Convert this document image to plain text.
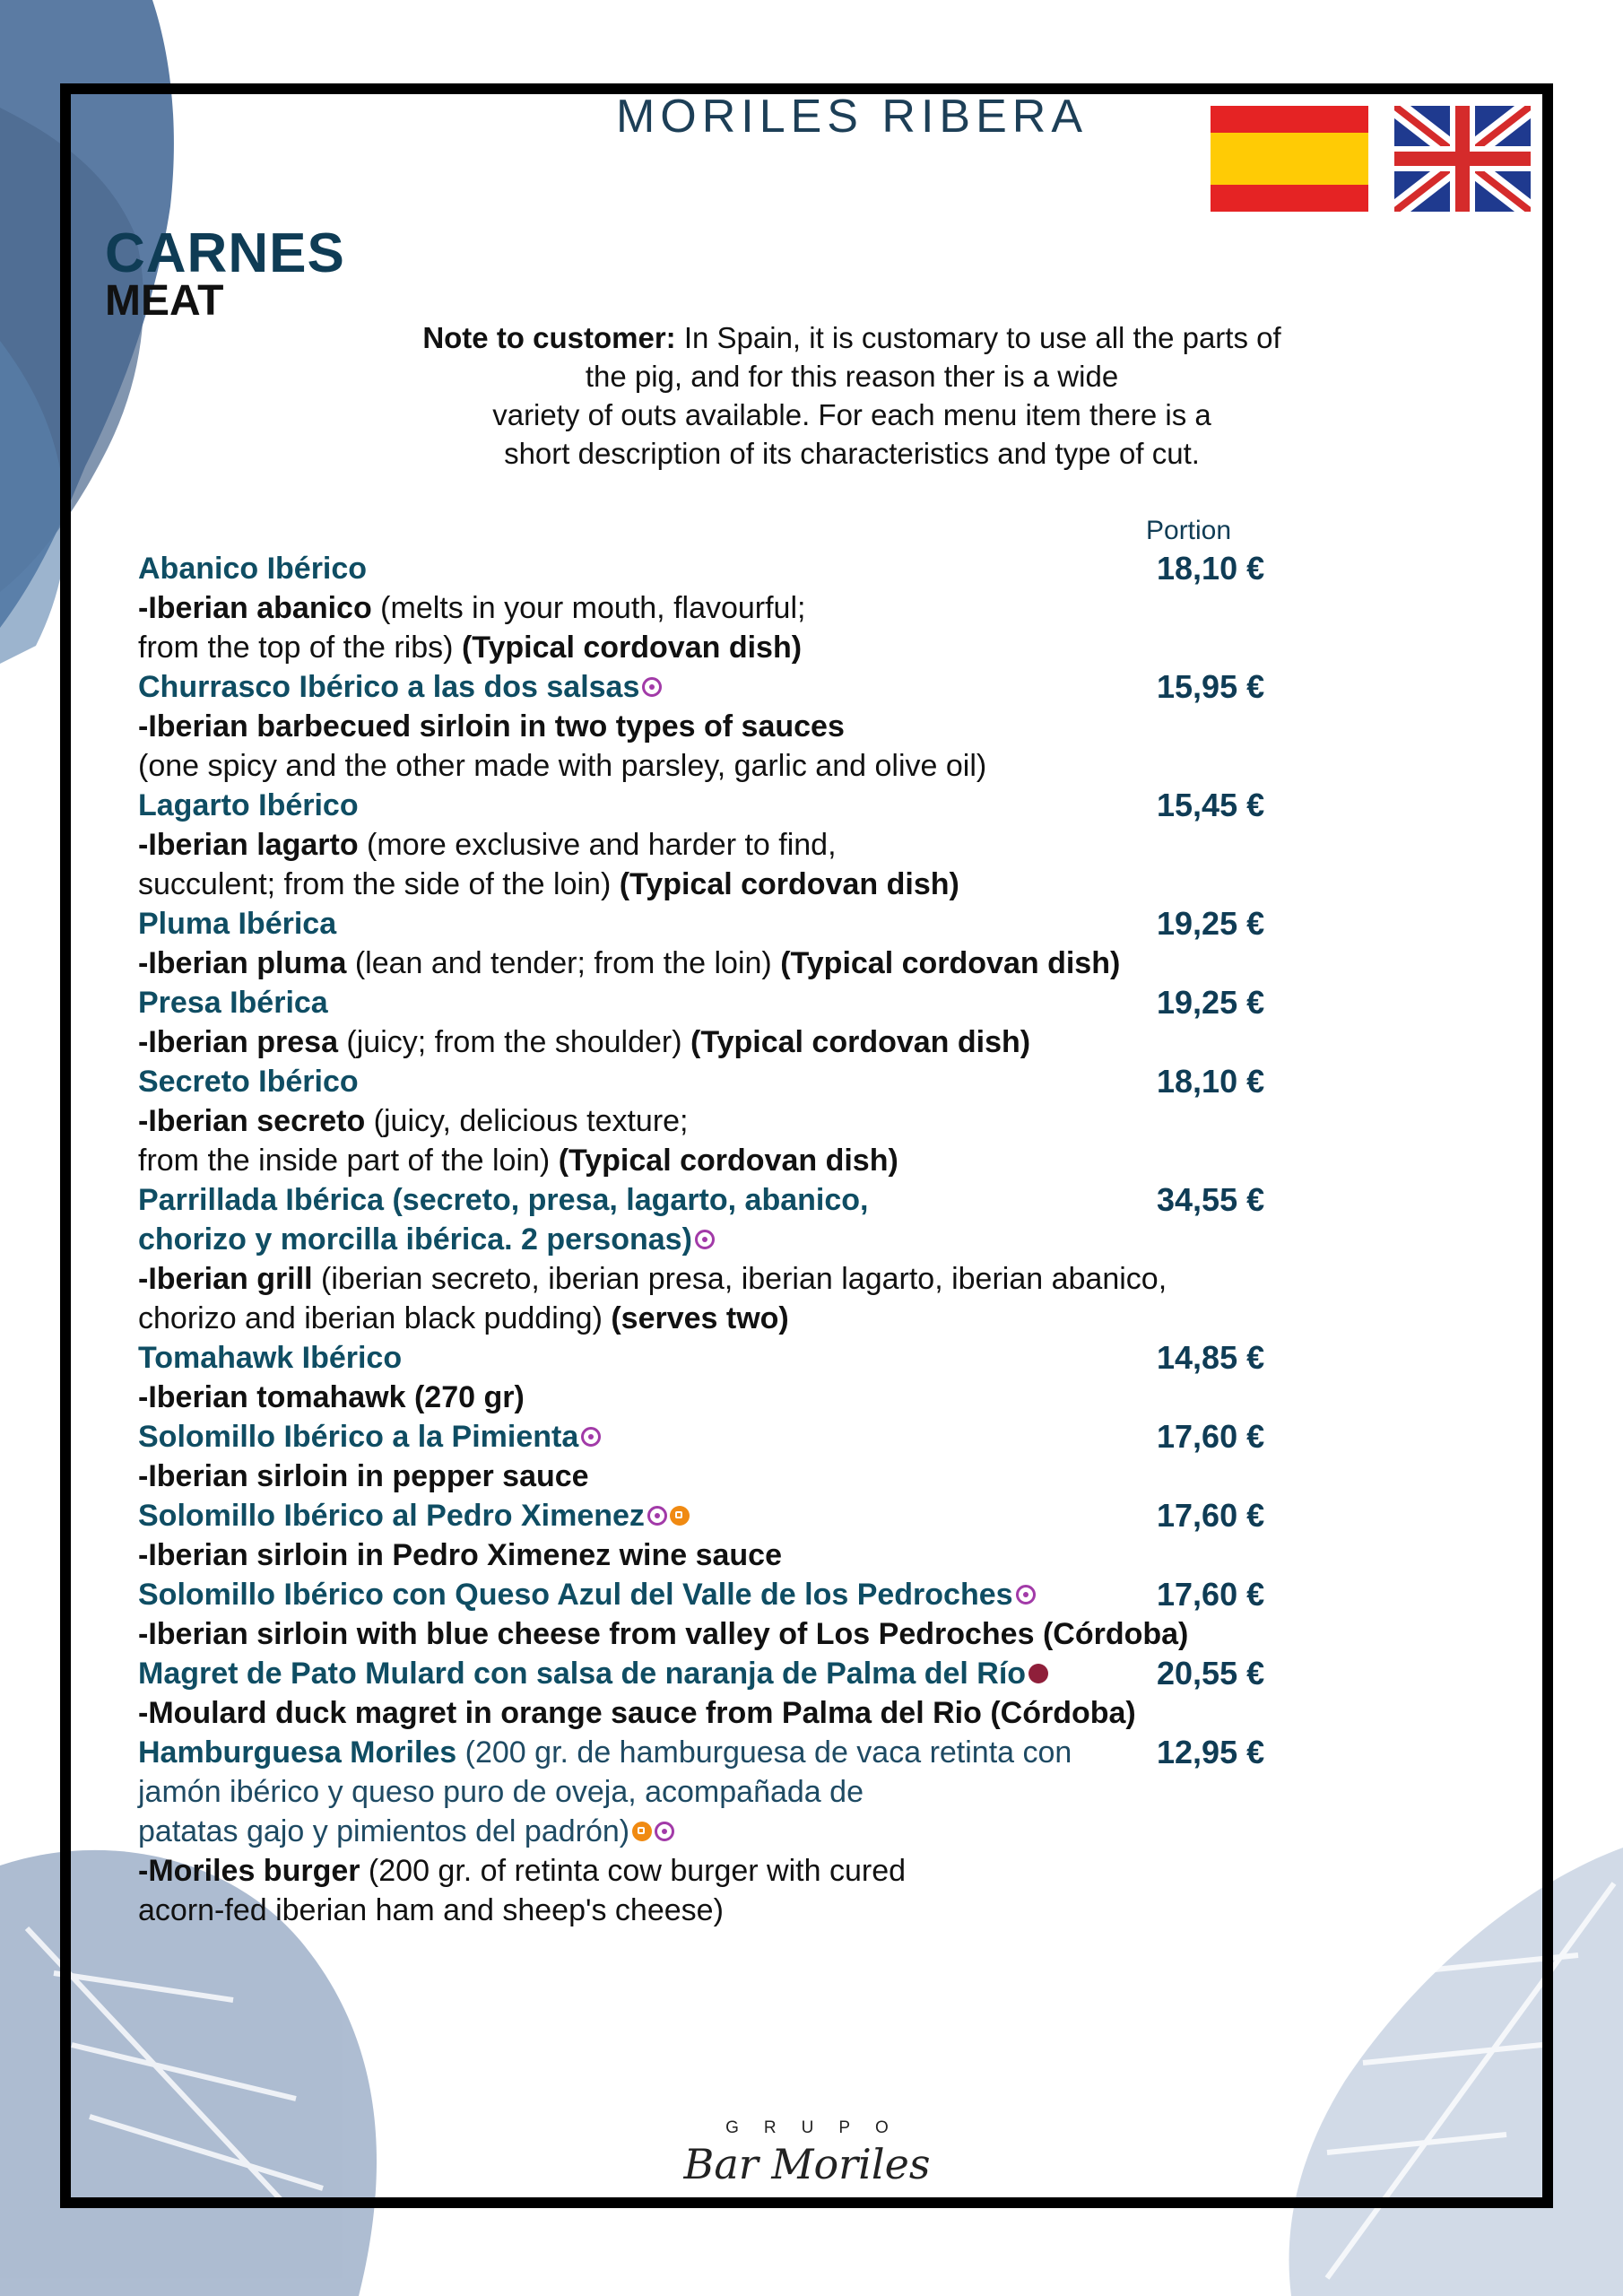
MORILES RIBERA
CARNES
MEAT
Note to customer: In Spain, it is customary to use all the parts of
the pig, and for this reason ther is a wide
variety of outs available. For each menu item there is a
short description of its characteristics and type of cut.
Portion
Abanico Ibérico
-Iberian abanico (melts in your mouth, flavourful;
from the top of the ribs) (Typical cordovan dish)
18,10 €
Churrasco Ibérico a las dos salsas
-Iberian barbecued sirloin in two types of sauces
(one spicy and the other made with parsley, garlic and olive oil)
15,95 €
Lagarto Ibérico
-Iberian lagarto (more exclusive and harder to find,
succulent; from the side of the loin) (Typical cordovan dish)
15,45 €
Pluma Ibérica
-Iberian pluma (lean and tender; from the loin) (Typical cordovan dish)
19,25 €
Presa Ibérica
-Iberian presa (juicy; from the shoulder) (Typical cordovan dish)
19,25 €
Secreto Ibérico
-Iberian secreto (juicy, delicious texture;
from the inside part of the loin) (Typical cordovan dish)
18,10 €
Parrillada Ibérica (secreto, presa, lagarto, abanico,
chorizo y morcilla ibérica. 2 personas)
-Iberian grill (iberian secreto, iberian presa, iberian lagarto, iberian abanico,
chorizo and iberian black pudding) (serves two)
34,55 €
Tomahawk Ibérico
-Iberian tomahawk (270 gr)
14,85 €
Solomillo Ibérico a la Pimienta
-Iberian sirloin in pepper sauce
17,60 €
Solomillo Ibérico al Pedro Ximenez
-Iberian sirloin in Pedro Ximenez wine sauce
17,60 €
Solomillo Ibérico con Queso Azul del Valle de los Pedroches
-Iberian sirloin with blue cheese from valley of Los Pedroches (Córdoba)
17,60 €
Magret de Pato Mulard con salsa de naranja de Palma del Río
-Moulard duck magret in orange sauce from Palma del Rio (Córdoba)
20,55 €
Hamburguesa Moriles (200 gr. de hamburguesa de vaca retinta con
jamón ibérico y queso puro de oveja, acompañada de
patatas gajo y pimientos del padrón)
-Moriles burger (200 gr. of retinta cow burger with cured
acorn-fed iberian ham and sheep's cheese)
12,95 €
GRUPO
Bar Moriles
